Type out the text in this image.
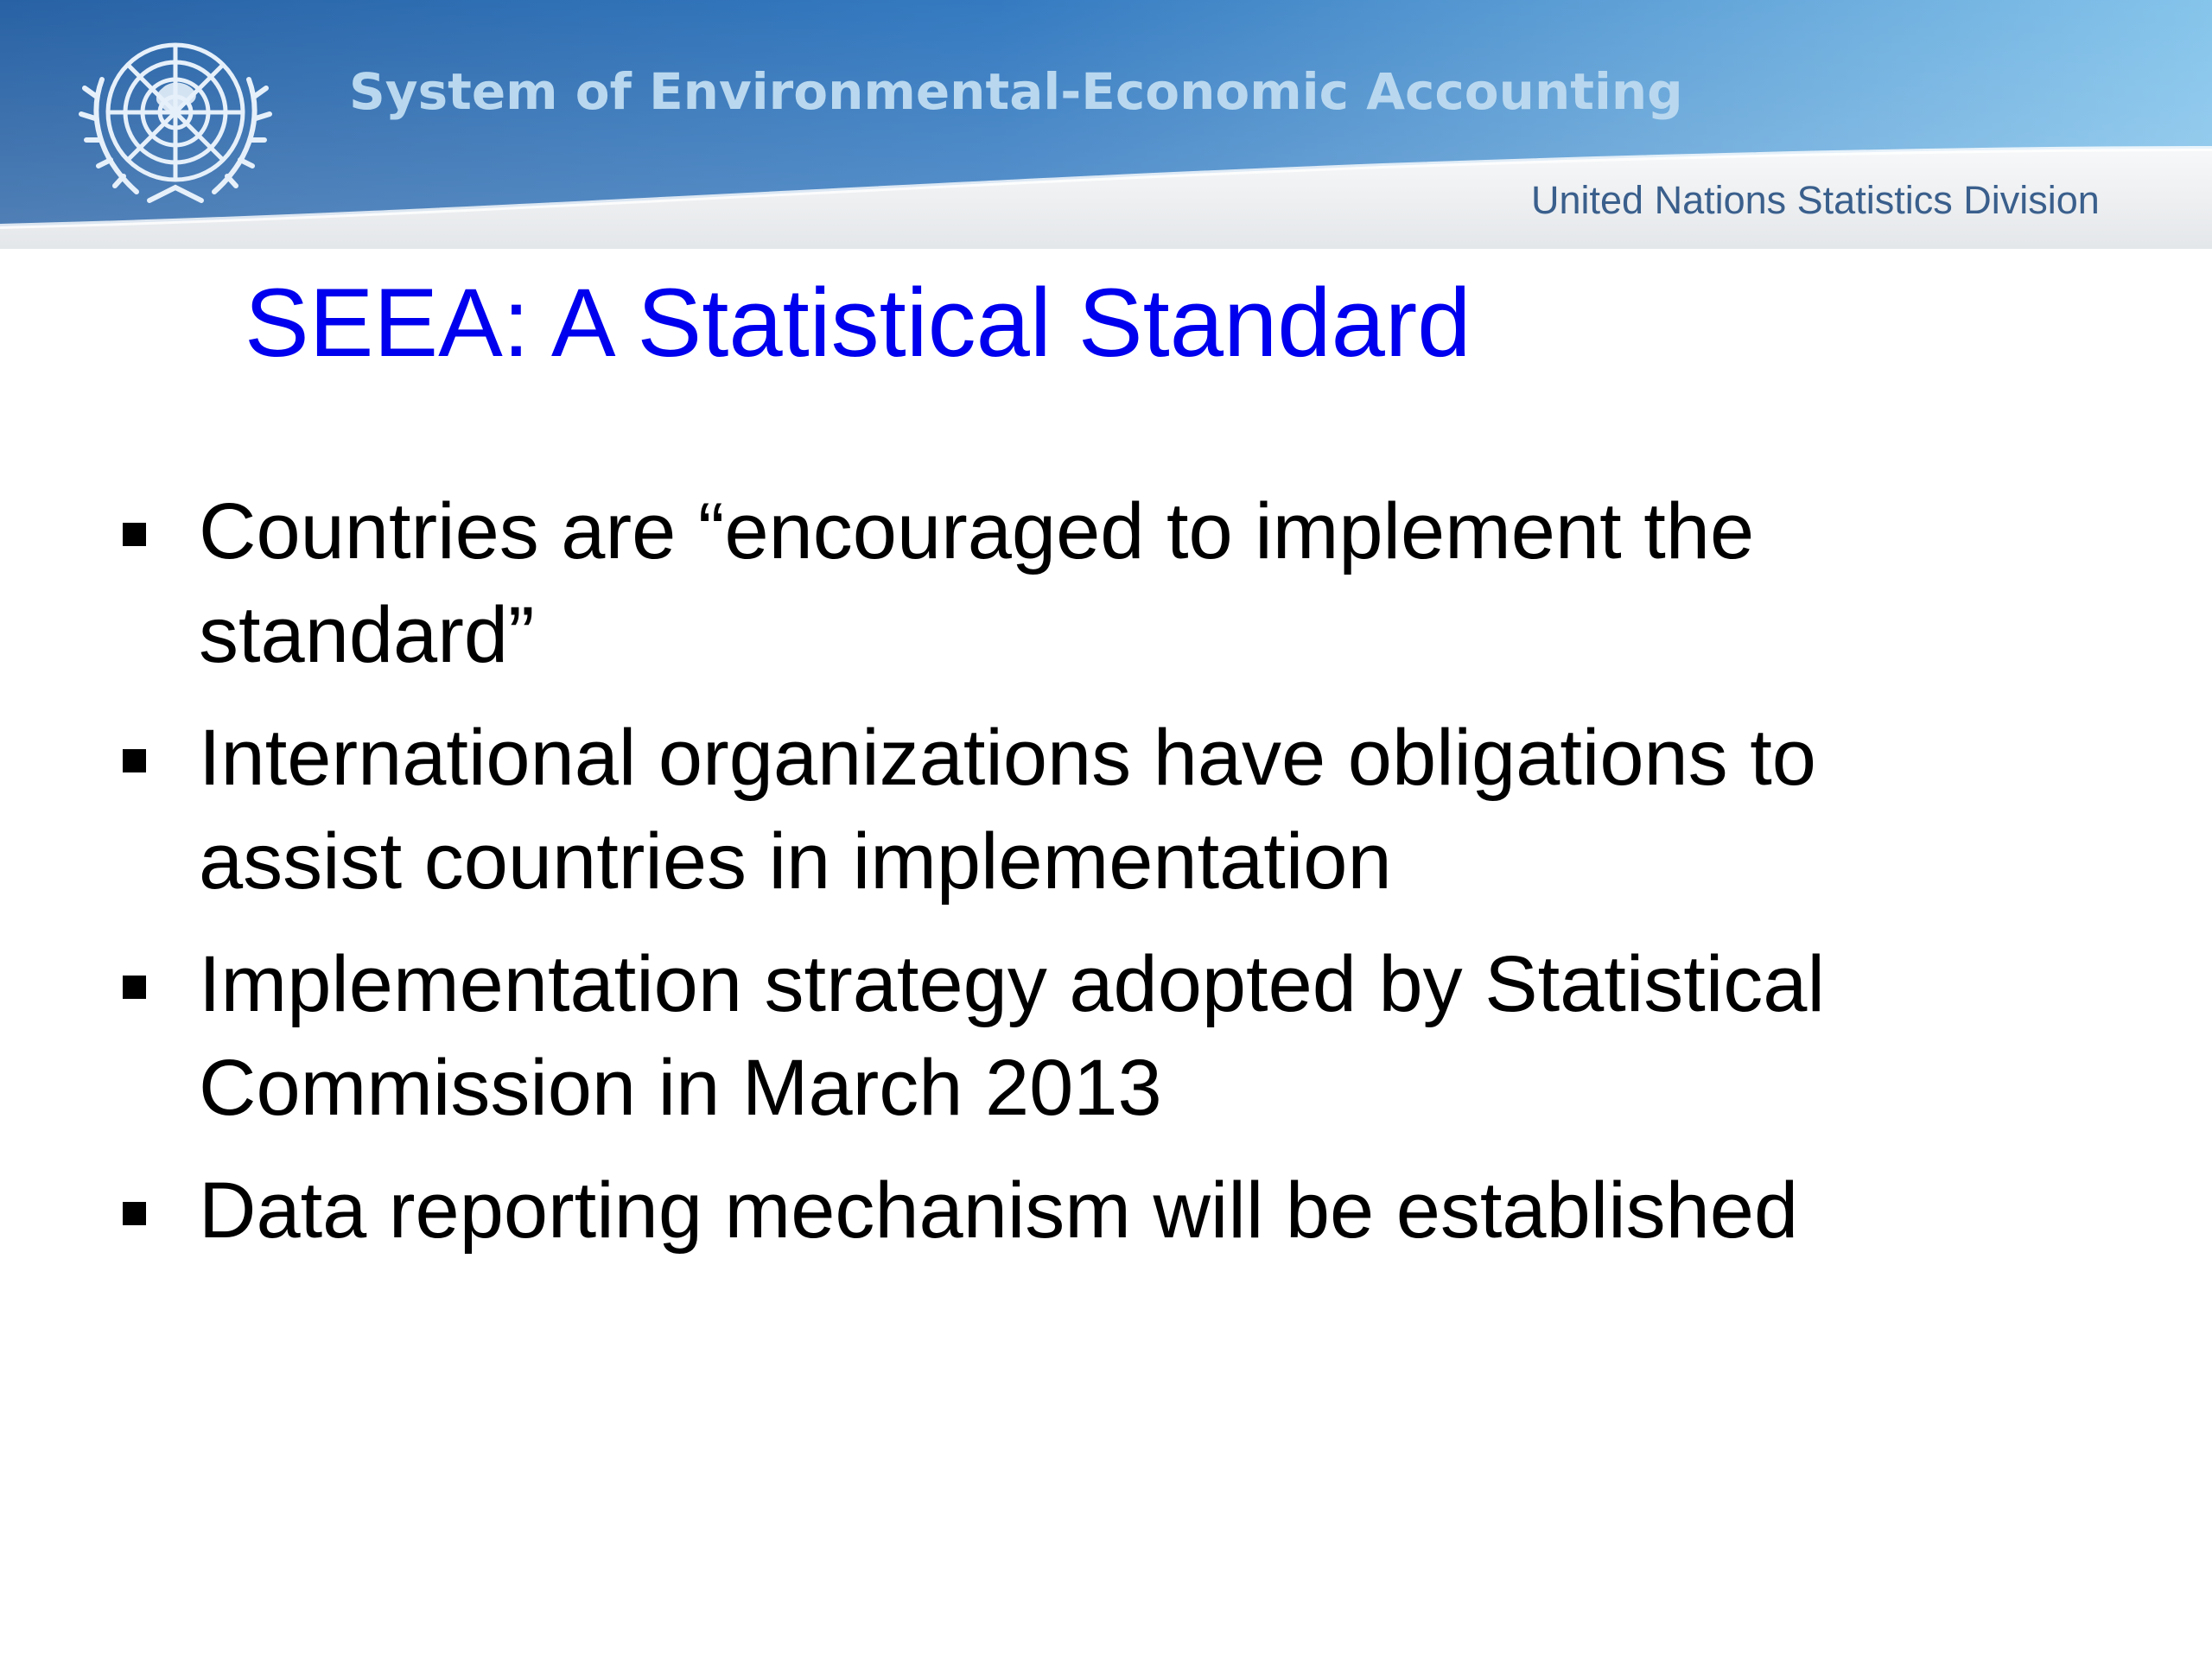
System of Environmental-Economic Accounting
United Nations Statistics Division
SEEA: A Statistical Standard
Countries are “encouraged to implement the standard”
International organizations have obligations to assist countries in implementation
Implementation strategy adopted by Statistical Commission in March 2013
Data reporting mechanism will be established
